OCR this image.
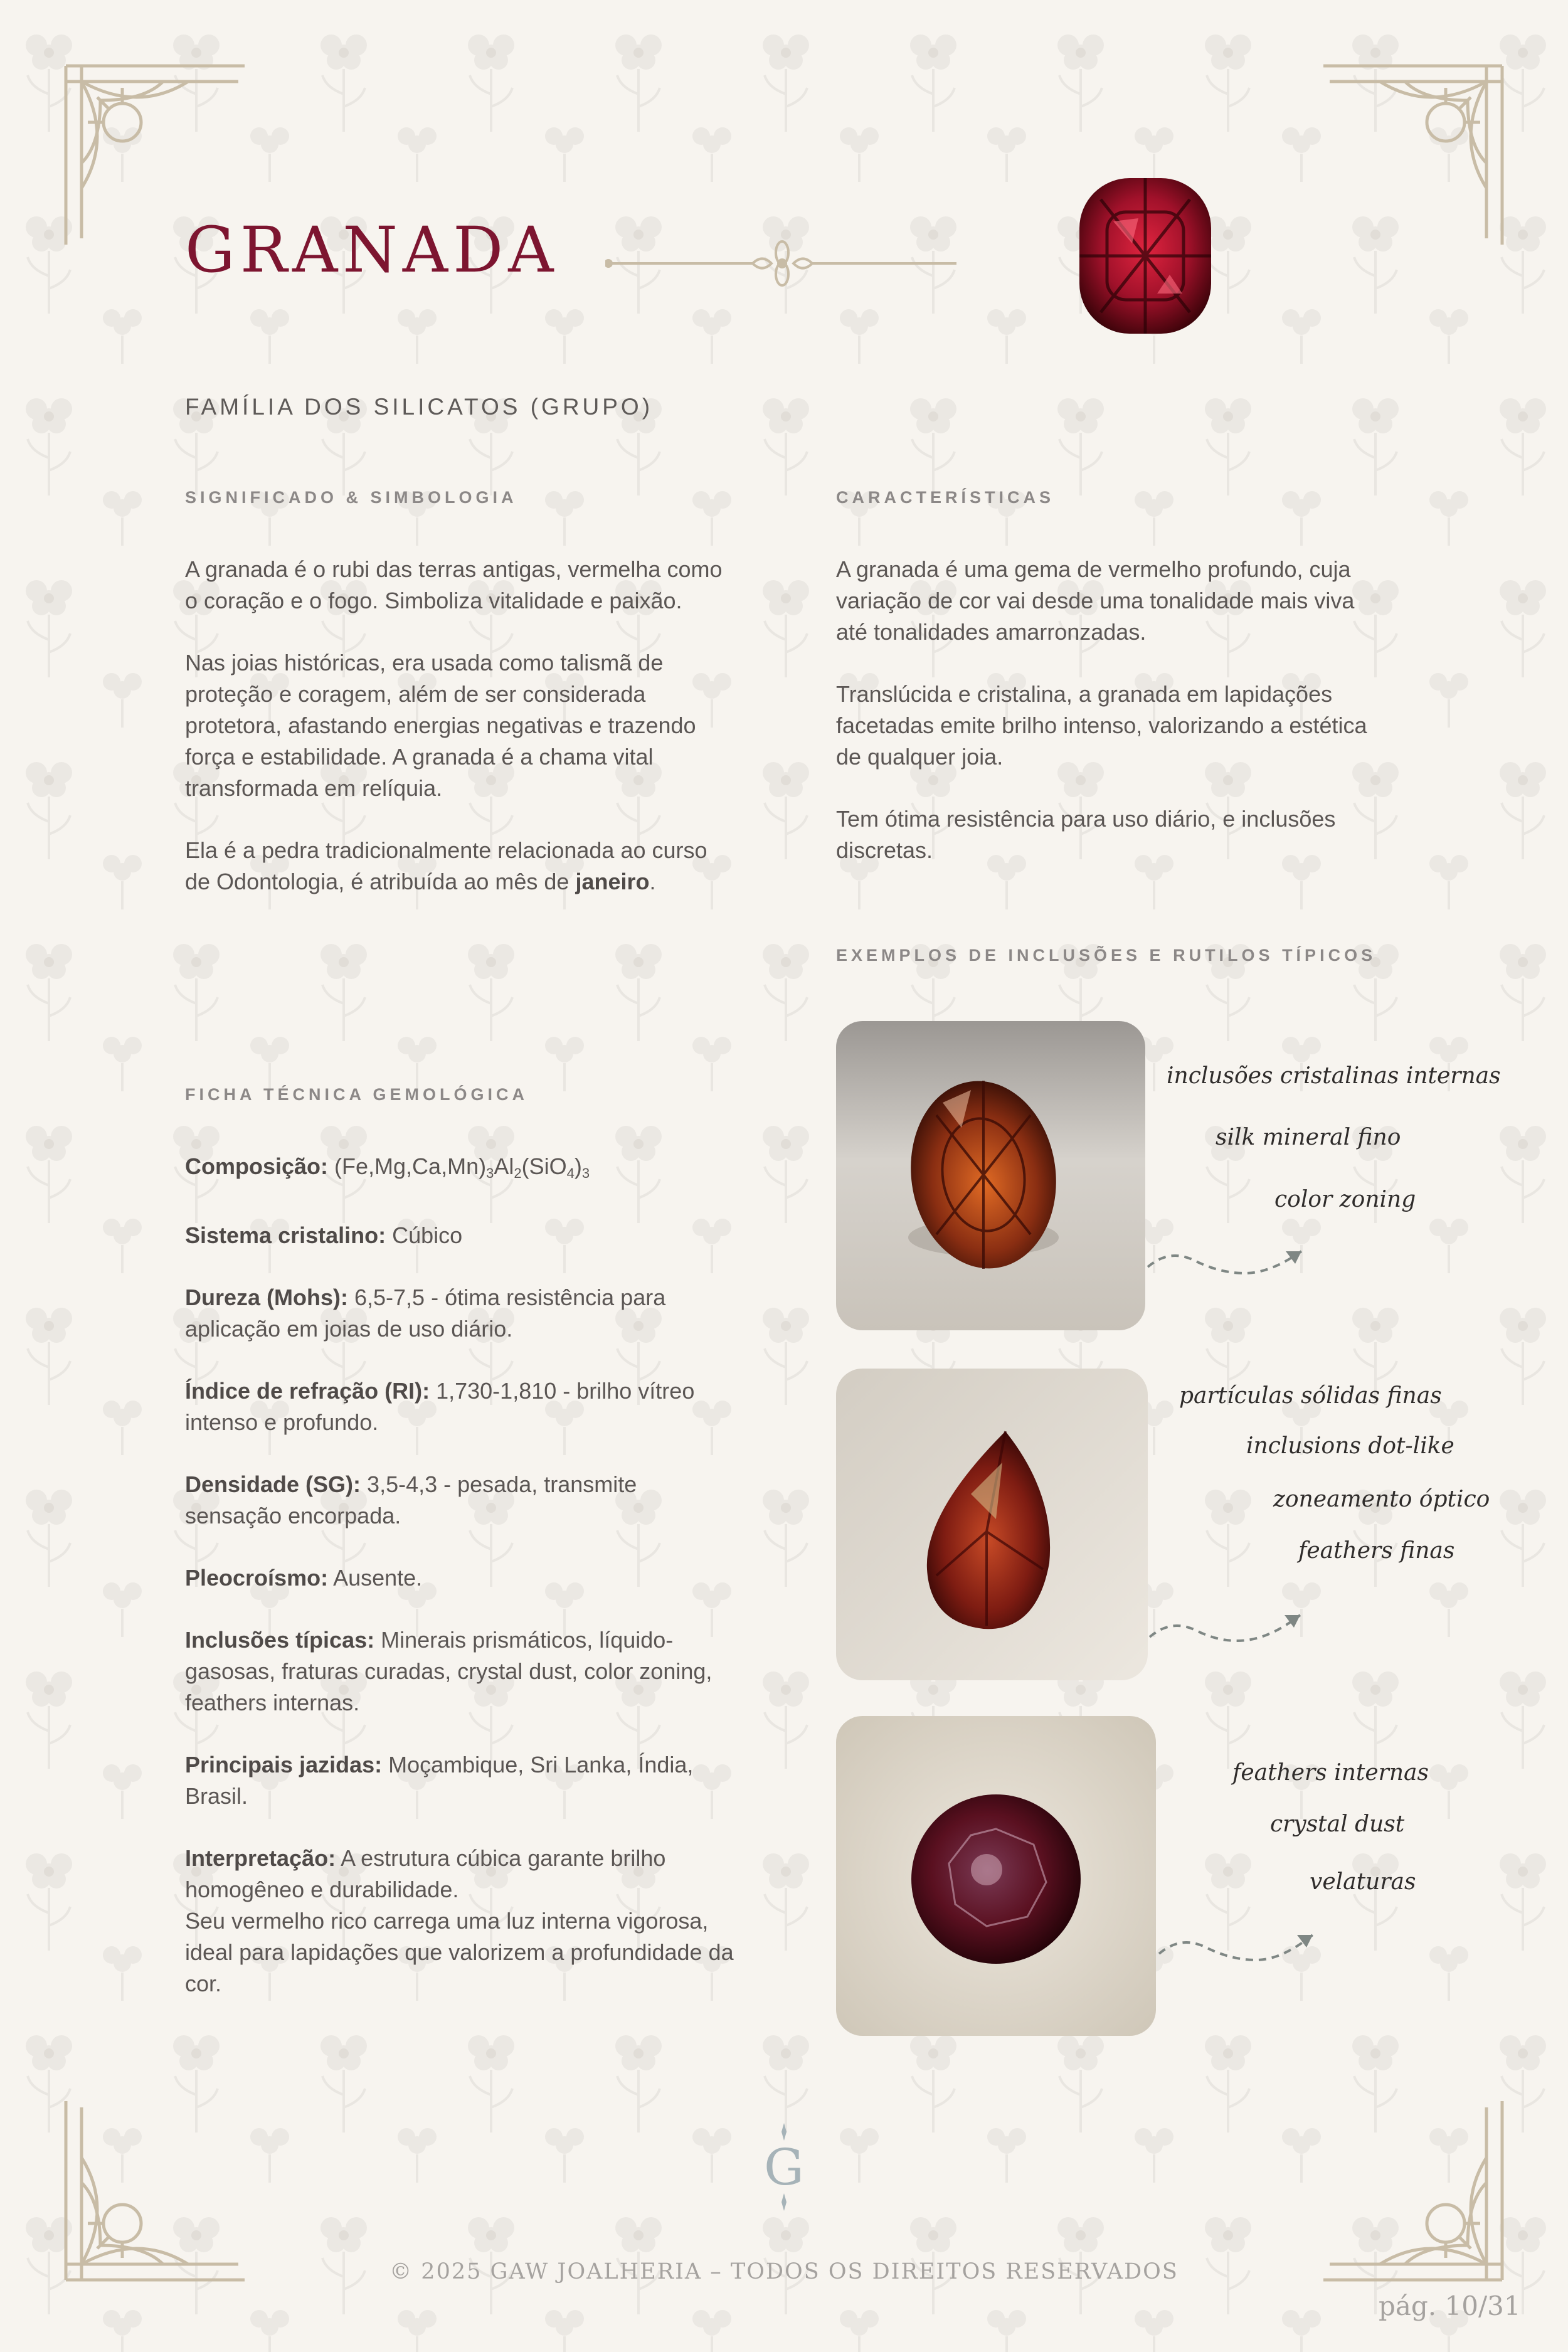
GRANADA
FAMÍLIA DOS SILICATOS (GRUPO)
SIGNIFICADO & SIMBOLOGIA

A granada é o rubi das terras antigas, vermelha como o coração e o fogo. Simboliza vitalidade e paixão.

Nas joias históricas, era usada como talismã de proteção e coragem, além de ser considerada protetora, afastando energias negativas e trazendo força e estabilidade. A granada é a chama vital transformada em relíquia.

Ela é a pedra tradicionalmente relacionada ao curso de Odontologia, é atribuída ao mês de janeiro.

CARACTERÍSTICAS

A granada é uma gema de vermelho profundo, cuja variação de cor vai desde uma tonalidade mais viva até tonalidades amarronzadas.

Translúcida e cristalina, a granada em lapidações facetadas emite brilho intenso, valorizando a estética de qualquer joia.

Tem ótima resistência para uso diário, e inclusões discretas.

EXEMPLOS DE INCLUSÕES E RUTILOS TÍPICOS
FICHA TÉCNICA GEMOLÓGICA

Composição: $(Fe,Mg,Ca,Mn)_3Al_2(SiO_4)_3$

Sistema cristalino: Cúbico

Dureza (Mohs): 6,5-7,5 - ótima resistência para aplicação em joias de uso diário.

Índice de refração (RI): 1,730-1,810 - brilho vítreo intenso e profundo.

Densidade (SG): 3,5-4,3 - pesada, transmite sensação encorpada.

Pleocroísmo: Ausente.

Inclusões típicas: Minerais prismáticos, líquido-gasosas, fraturas curadas, crystal dust, color zoning, feathers internas.

Principais jazidas: Moçambique, Sri Lanka, Índia, Brasil.

Interpretação: A estrutura cúbica garante brilho homogêneo e durabilidade.
Seu vermelho rico carrega uma luz interna vigorosa, ideal para lapidações que valorizem a profundidade da cor.

inclusões cristalinas internas
silk mineral fino
color zoning
partículas sólidas finas
inclusions dot-like
zoneamento óptico
feathers finas
feathers internas
crystal dust
velaturas
G
© 2025 GAW JOALHERIA – TODOS OS DIREITOS RESERVADOS
pág. 10/31
